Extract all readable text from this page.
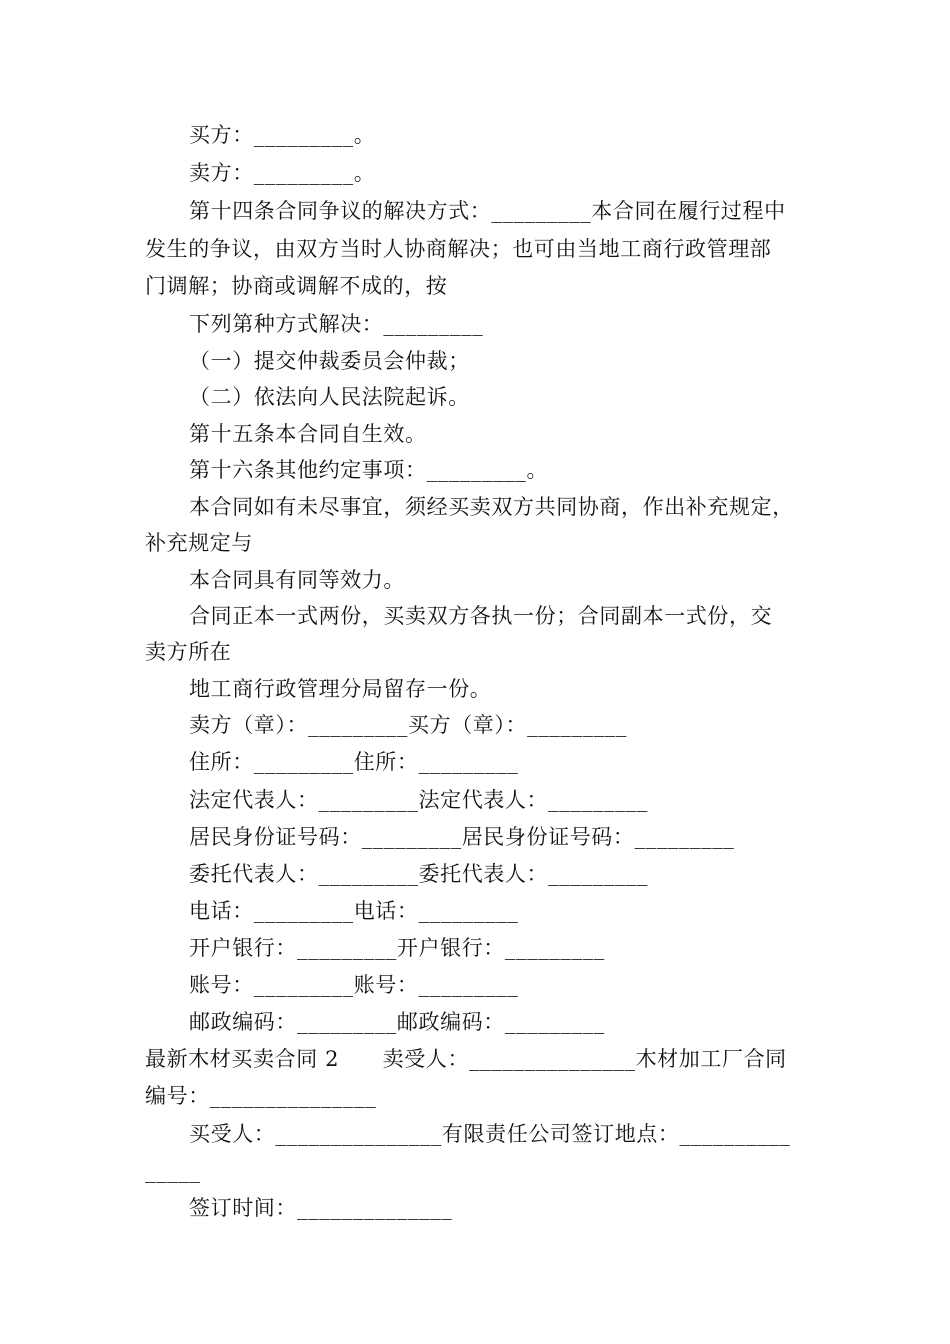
买方：_________。
卖方：_________。
第十四条合同争议的解决方式：_________本合同在履行过程中
发生的争议，由双方当时人协商解决；也可由当地工商行政管理部
门调解；协商或调解不成的，按
下列第种方式解决：_________
（一）提交仲裁委员会仲裁；
（二）依法向人民法院起诉。
第十五条本合同自生效。
第十六条其他约定事项：_________。
本合同如有未尽事宜，须经买卖双方共同协商，作出补充规定，
补充规定与
本合同具有同等效力。
合同正本一式两份，买卖双方各执一份；合同副本一式份，交
卖方所在
地工商行政管理分局留存一份。
卖方（章）：_________买方（章）：_________
住所：_________住所：_________
法定代表人：_________法定代表人：_________
居民身份证号码：_________居民身份证号码：_________
委托代表人：_________委托代表人：_________
电话：_________电话：_________
开户银行：_________开户银行：_________
账号：_________账号：_________
邮政编码：_________邮政编码：_________
最新木材买卖合同 2      卖受人：_______________木材加工厂合同
编号：_______________
买受人：_______________有限责任公司签订地点：__________
_____
签订时间：______________
